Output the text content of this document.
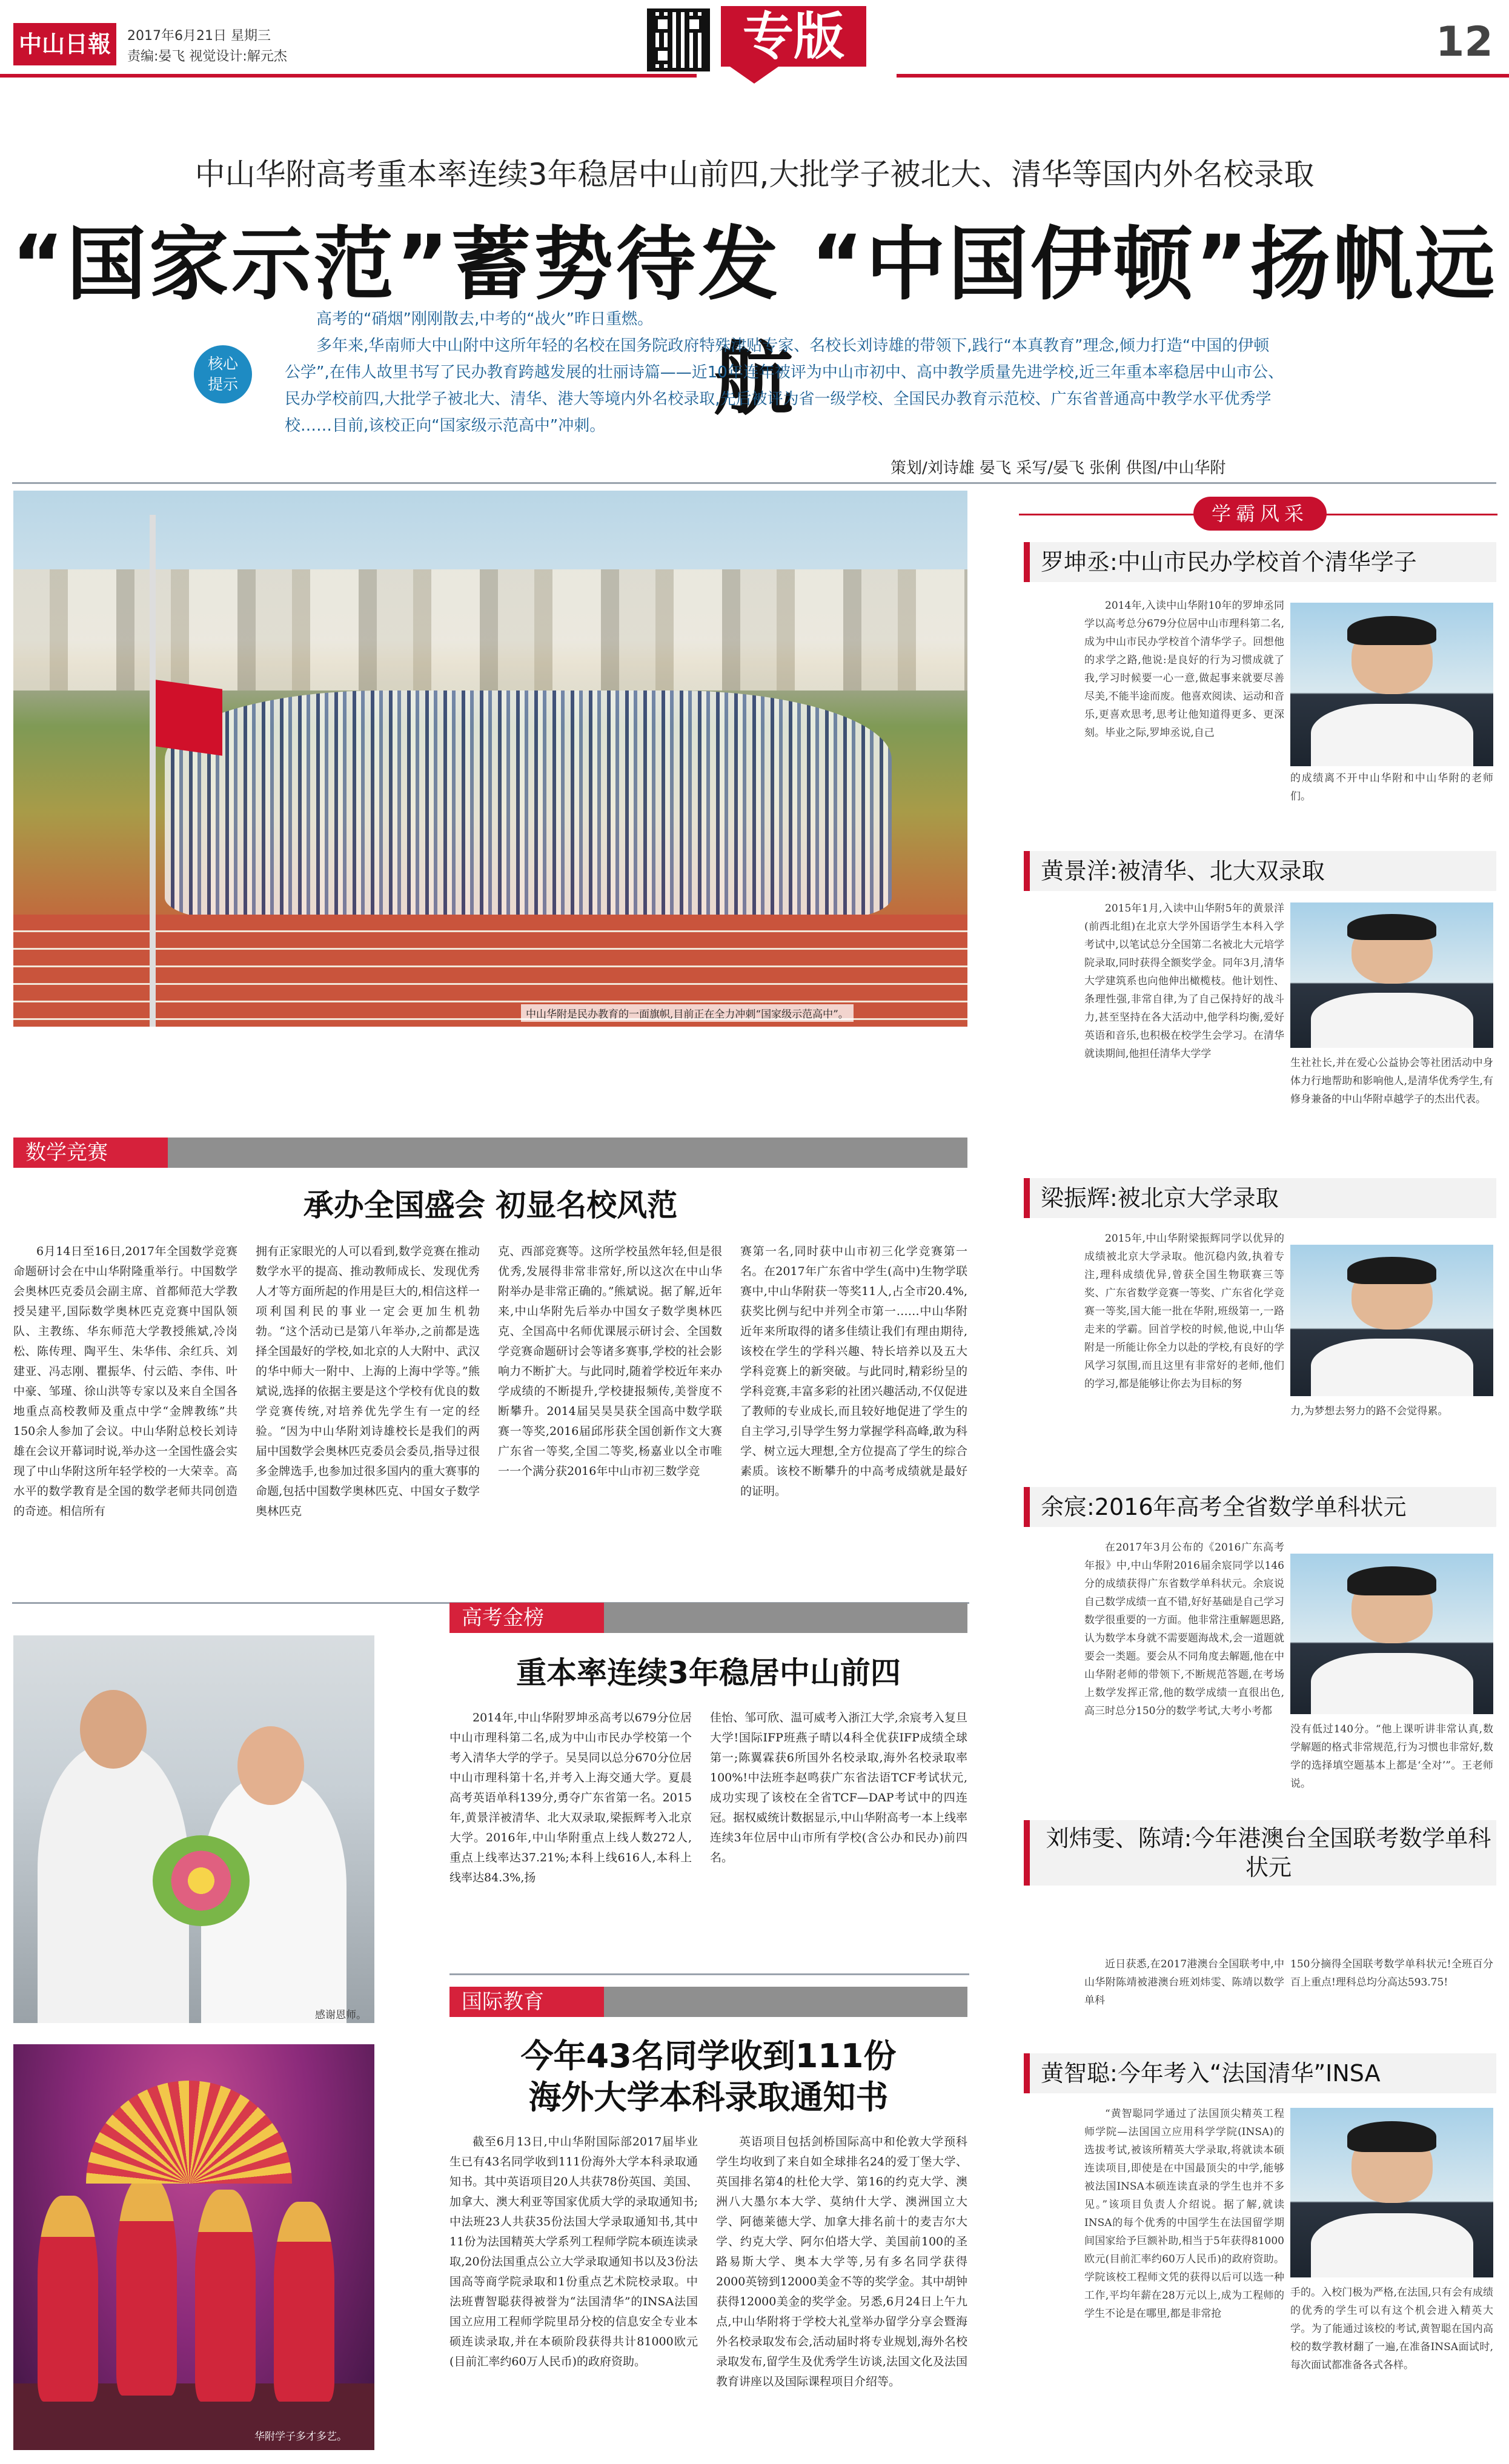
中山日報	2017年6月21日 星期三
责编:晏飞 视觉设计:解元杰	专版	12
中山华附高考重本率连续3年稳居中山前四,大批学子被北大、清华等国内外名校录取
“国家示范”蓄势待发 “中国伊顿”扬帆远航
核心
提示

高考的“硝烟”刚刚散去,中考的“战火”昨日重燃。

多年来,华南师大中山附中这所年轻的名校在国务院政府特殊津贴专家、名校长刘诗雄的带领下,践行“本真教育”理念,倾力打造“中国的伊顿公学”,在伟人故里书写了民办教育跨越发展的壮丽诗篇——近10年连年被评为中山市初中、高中教学质量先进学校,近三年重本率稳居中山市公、民办学校前四,大批学子被北大、清华、港大等境内外名校录取,先后被评为省一级学校、全国民办教育示范校、广东省普通高中教学水平优秀学校……目前,该校正向“国家级示范高中”冲刺。

策划/刘诗雄 晏飞 采写/晏飞 张俐 供图/中山华附
中山华附是民办教育的一面旗帜,目前正在全力冲刺“国家级示范高中”。
数学竞赛
承办全国盛会 初显名校风范
6月14日至16日,2017年全国数学竞赛命题研讨会在中山华附隆重举行。中国数学会奥林匹克委员会副主席、首都师范大学教授吴建平,国际数学奥林匹克竞赛中国队领队、主教练、华东师范大学教授熊斌,冷岗松、陈传理、陶平生、朱华伟、余红兵、刘建亚、冯志刚、瞿振华、付云皓、李伟、叶中豪、邹瑾、徐山洪等专家以及来自全国各地重点高校教师及重点中学“金牌教练”共150余人参加了会议。中山华附总校长刘诗雄在会议开幕词时说,举办这一全国性盛会实现了中山华附这所年轻学校的一大荣幸。高水平的数学教育是全国的数学老师共同创造的奇迹。相信所有
拥有正家眼光的人可以看到,数学竞赛在推动数学水平的提高、推动教师成长、发现优秀人才等方面所起的作用是巨大的,相信这样一项利国利民的事业一定会更加生机勃勃。“这个活动已是第八年举办,之前都是选择全国最好的学校,如北京的人大附中、武汉的华中师大一附中、上海的上海中学等。”熊斌说,选择的依据主要是这个学校有优良的数学竞赛传统,对培养优先学生有一定的经验。“因为中山华附刘诗雄校长是我们的两届中国数学会奥林匹克委员会委员,指导过很多金牌选手,也参加过很多国内的重大赛事的命题,包括中国数学奥林匹克、中国女子数学奥林匹克
克、西部竞赛等。这所学校虽然年轻,但是很优秀,发展得非常非常好,所以这次在中山华附举办是非常正确的。”熊斌说。据了解,近年来,中山华附先后举办中国女子数学奥林匹克、全国高中名师优课展示研讨会、全国数学竞赛命题研讨会等诸多赛事,学校的社会影响力不断扩大。与此同时,随着学校近年来办学成绩的不断提升,学校捷报频传,美誉度不断攀升。2014届吴昊昊获全国高中数学联赛一等奖,2016届邱彤获全国创新作文大赛广东省一等奖,全国二等奖,杨嘉业以全市唯一一个满分获2016年中山市初三数学竞
赛第一名,同时获中山市初三化学竞赛第一名。在2017年广东省中学生(高中)生物学联赛中,中山华附获一等奖11人,占全市20.4%,获奖比例与纪中并列全市第一……中山华附近年来所取得的诸多佳绩让我们有理由期待,该校在学生的学科兴趣、特长培养以及五大学科竞赛上的新突破。与此同时,精彩纷呈的学科竞赛,丰富多彩的社团兴趣活动,不仅促进了教师的专业成长,而且较好地促进了学生的自主学习,引导学生努力掌握学科高峰,敢为科学、树立远大理想,全方位提高了学生的综合素质。该校不断攀升的中高考成绩就是最好的证明。
感谢恩师。
高考金榜
重本率连续3年稳居中山前四
2014年,中山华附罗坤丞高考以679分位居中山市理科第二名,成为中山市民办学校第一个考入清华大学的学子。吴昊同以总分670分位居中山市理科第十名,并考入上海交通大学。夏晨高考英语单科139分,勇夺广东省第一名。2015年,黄景洋被清华、北大双录取,梁振辉考入北京大学。2016年,中山华附重点上线人数272人,重点上线率达37.21%;本科上线616人,本科上线率达84.3%,扬
佳怡、邹可欣、温可威考入浙江大学,余宸考入复旦大学!国际IFP班燕子晴以4科全优获IFP成绩全球第一;陈翼霖获6所国外名校录取,海外名校录取率100%!中法班李赵鸣获广东省法语TCF考试状元,成功实现了该校在全省TCF—DAP考试中的四连冠。据权威统计数据显示,中山华附高考一本上线率连续3年位居中山市所有学校(含公办和民办)前四名。
华附学子多才多艺。
国际教育
今年43名同学收到111份
海外大学本科录取通知书
截至6月13日,中山华附国际部2017届毕业生已有43名同学收到111份海外大学本科录取通知书。其中英语项目20人共获78份英国、美国、加拿大、澳大利亚等国家优质大学的录取通知书;中法班23人共获35份法国大学录取通知书,其中11份为法国精英大学系列工程师学院本硕连读录取,20份法国重点公立大学录取通知书以及3份法国高等商学院录取和1份重点艺术院校录取。中法班曹智聪获得被誉为“法国清华”的INSA法国国立应用工程师学院里昂分校的信息安全专业本硕连读录取,并在本硕阶段获得共计81000欧元(目前汇率约60万人民币)的政府资助。
英语项目包括剑桥国际高中和伦敦大学预科学生均收到了来自如全球排名24的爱丁堡大学、英国排名第4的杜伦大学、第16的约克大学、澳洲八大墨尔本大学、莫纳什大学、澳洲国立大学、阿德莱德大学、加拿大排名前十的麦吉尔大学、约克大学、阿尔伯塔大学、美国前100的圣路易斯大学、奥本大学等,另有多名同学获得2000英镑到12000美金不等的奖学金。其中胡钟获得12000美金的奖学金。另悉,6月24日上午九点,中山华附将于学校大礼堂举办留学分享会暨海外名校录取发布会,活动届时将专业规划,海外名校录取发布,留学生及优秀学生访谈,法国文化及法国教育讲座以及国际课程项目介绍等。
学霸风采
罗坤丞:中山市民办学校首个清华学子
2014年,入读中山华附10年的罗坤丞同学以高考总分679分位居中山市理科第二名,成为中山市民办学校首个清华学子。回想他的求学之路,他说:是良好的行为习惯成就了我,学习时候要一心一意,做起事来就要尽善尽美,不能半途而废。他喜欢阅读、运动和音乐,更喜欢思考,思考让他知道得更多、更深刻。毕业之际,罗坤丞说,自己
的成绩离不开中山华附和中山华附的老师们。
黄景洋:被清华、北大双录取
2015年1月,入读中山华附5年的黄景洋(前西北组)在北京大学外国语学生本科入学考试中,以笔试总分全国第二名被北大元培学院录取,同时获得全额奖学金。同年3月,清华大学建筑系也向他伸出橄榄枝。他计划性、条理性强,非常自律,为了自己保持好的战斗力,甚至坚持在各大活动中,他学科均衡,爱好英语和音乐,也积极在校学生会学习。在清华就读期间,他担任清华大学学
生社社长,并在爱心公益协会等社团活动中身体力行地帮助和影响他人,是清华优秀学生,有修身兼备的中山华附卓越学子的杰出代表。
梁振辉:被北京大学录取
2015年,中山华附梁振辉同学以优异的成绩被北京大学录取。他沉稳内敛,执着专注,理科成绩优异,曾获全国生物联赛三等奖、广东省数学竞赛一等奖、广东省化学竞赛一等奖,国大能一批在华附,班级第一,一路走来的学霸。回首学校的时候,他说,中山华附是一所能让你全力以赴的学校,有良好的学风学习氛围,而且这里有非常好的老师,他们的学习,都是能够让你去为目标的努
力,为梦想去努力的路不会觉得累。
余宸:2016年高考全省数学单科状元
在2017年3月公布的《2016广东高考年报》中,中山华附2016届余宸同学以146分的成绩获得广东省数学单科状元。余宸说自己数学成绩一直不错,好好基础是自己学习数学很重要的一方面。他非常注重解题思路,认为数学本身就不需要题海战术,会一道题就要会一类题。要会从不同角度去解题,他在中山华附老师的带领下,不断规范答题,在考场上数学发挥正常,他的数学成绩一直很出色,高三时总分150分的数学考试,大考小考都
没有低过140分。“他上课听讲非常认真,数学解题的格式非常规范,行为习惯也非常好,数学的选择填空题基本上都是‘全对’”。王老师说。
刘炜雯、陈靖:今年港澳台全国联考数学单科状元
近日获悉,在2017港澳台全国联考中,中山华附陈靖被港澳台班刘炜雯、陈靖以数学单科
150分摘得全国联考数学单科状元!全班百分百上重点!理科总均分高达593.75!
黄智聪:今年考入“法国清华”INSA
“黄智聪同学通过了法国顶尖精英工程师学院—法国国立应用科学学院(INSA)的选拔考试,被该所精英大学录取,将就读本硕连读项目,即使是在中国最顶尖的中学,能够被法国INSA本硕连读直录的学生也并不多见。”该项目负责人介绍说。据了解,就读INSA的每个优秀的中国学生在法国留学期间国家给予巨额补助,相当于5年获得81000欧元(目前汇率约60万人民币)的政府资助。学院该校工程师文凭的获得以后可以选一种工作,平均年薪在28万元以上,成为工程师的学生不论是在哪里,都是非常抢
手的。入校门极为严格,在法国,只有会有成绩的优秀的学生可以有这个机会进入精英大学。为了能通过该校的考试,黄智聪在国内高校的数学教材翻了一遍,在准备INSA面试时,每次面试都准备各式各样。
